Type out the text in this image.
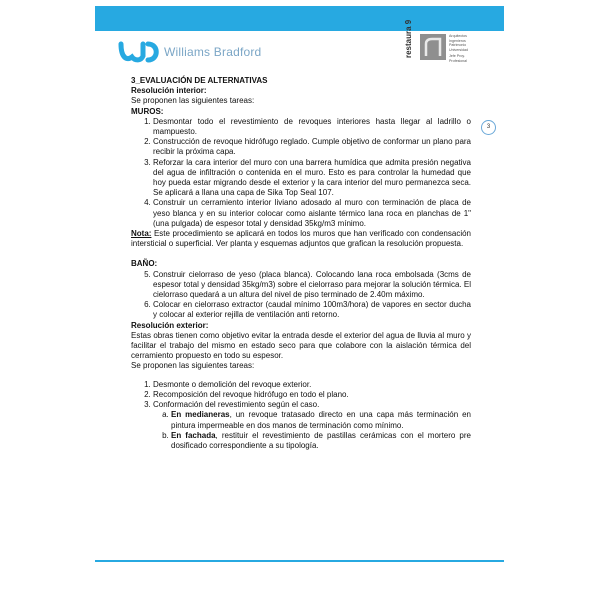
Williams Bradford	restaura 9	Arquitectos
Ingenieros
Patrimonio
Universidad
Jefe Proy.
Profesional
3

3_EVALUACIÓN DE ALTERNATIVAS

Resolución interior:

Se proponen las siguientes tareas:

MUROS:

1. Desmontar todo el revestimiento de revoques interiores hasta llegar al ladrillo o mampuesto.
2. Construcción de revoque hidrófugo reglado. Cumple objetivo de conformar un plano para recibir la próxima capa.
3. Reforzar la cara interior del muro con una barrera humídica que admita presión negativa del agua de infiltración o contenida en el muro. Esto es para controlar la humedad que hoy pueda estar migrando desde el exterior y la cara interior del muro permanezca seca. Se aplicará a llana una capa de Sika Top Seal 107.
4. Construir un cerramiento interior liviano adosado al muro con terminación de placa de yeso blanca y en su interior colocar como aislante térmico lana roca en planchas de 1" (una pulgada) de espesor total y densidad 35kg/m3 mínimo.

Nota: Este procedimiento se aplicará en todos los muros que han verificado con condensación intersticial o superficial. Ver planta y esquemas adjuntos que grafican la resolución propuesta.

BAÑO:

5. Construir cielorraso de yeso (placa blanca). Colocando lana roca embolsada (3cms de espesor total y densidad 35kg/m3) sobre el cielorraso para mejorar la solución térmica. El cielorraso quedará a un altura del nivel de piso terminado de 2.40m máximo.
6. Colocar en cielorraso extractor (caudal mínimo 100m3/hora) de vapores en sector ducha y colocar al exterior rejilla de ventilación anti retorno.

Resolución exterior:

Estas obras tienen como objetivo evitar la entrada desde el exterior del agua de lluvia al muro y facilitar el trabajo del mismo en estado seco para que colabore con la aislación térmica del cerramiento propuesto en todo su espesor.

Se proponen las siguientes tareas:

1. Desmonte o demolición del revoque exterior.
2. Recomposición del revoque hidrófugo en todo el plano.
3. Conformación del revestimiento según el caso.
a. En medianeras, un revoque tratasado directo en una capa más terminación en pintura impermeable en dos manos de terminación como mínimo.
b. En fachada, restituir el revestimiento de pastillas cerámicas con el mortero pre dosificado correspondiente a su tipología.
